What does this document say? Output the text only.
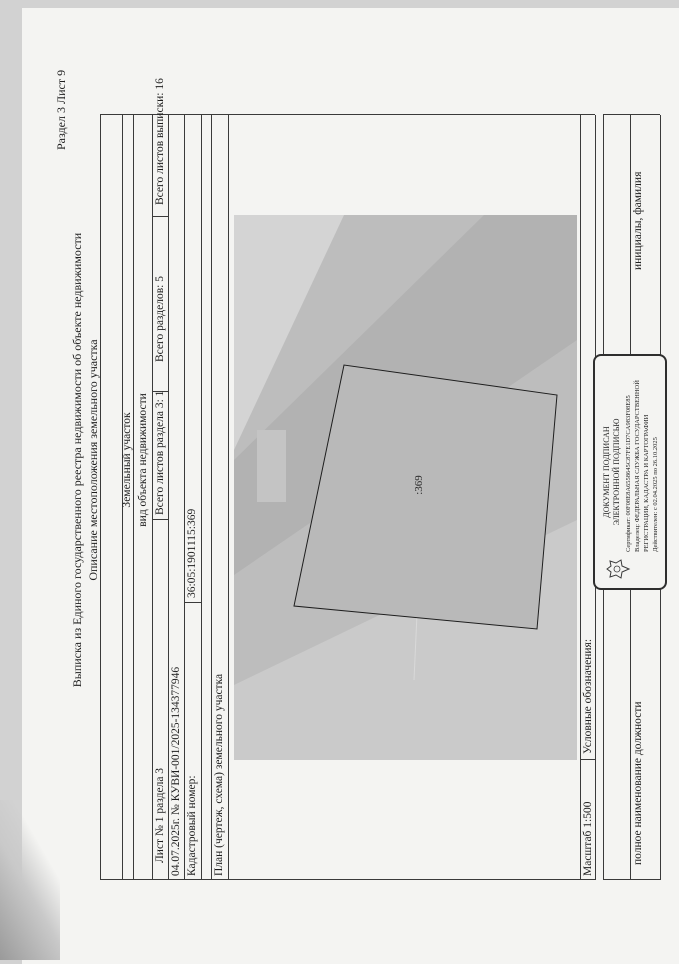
Раздел 3 Лист 9
Выписка из Единого государственного реестра недвижимости об объекте недвижимости Описание местоположения земельного участка Земельный участок вид объекта недвижимости
Лист № 1 раздела 3
Всего листов раздела 3: 1
Всего разделов: 5
Всего листов выписки: 16
04.07.2025г. № КУВИ-001/2025-134377946 Кадастровый номер:
36:05:1901115:369
План (чертеж, схема) земельного участка
:369
Масштаб 1:500
Условные обозначения:
полное наименование должности
инициалы, фамилия
ДОКУМЕНТ ПОДПИСАН ЭЛЕКТРОННОЙ ПОДПИСЬЮ Сертификат: 00F08E8A6558645C87FE1D7CA983F08E85 Владелец: ФЕДЕРАЛЬНАЯ СЛУЖБА ГОСУДАРСТВЕННОЙ РЕГИСТРАЦИИ, КАДАСТРА И КАРТОГРАФИИ Действителен: с 02.04.2025 по 26.10.2025
